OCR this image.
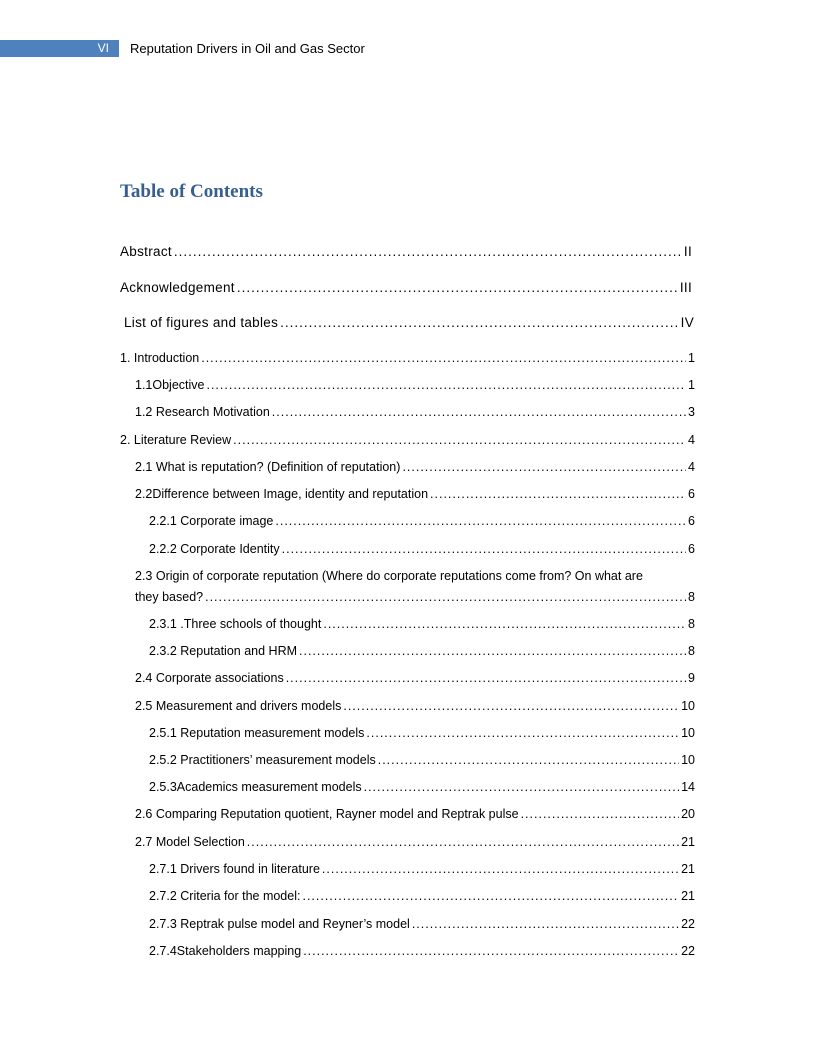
VI	Reputation Drivers in Oil and Gas Sector
Table of Contents
Abstract .....	II
Acknowledgement .....	III
List of figures and tables .....	IV
1. Introduction .....	1
1.1Objective .....	1
1.2 Research Motivation .....	3
2. Literature Review .....	4
2.1 What is reputation? (Definition of reputation) .....	4
2.2Difference between Image, identity and reputation .....	6
2.2.1 Corporate image .....	6
2.2.2 Corporate Identity .....	6
2.3 Origin of corporate reputation (Where do corporate reputations come from? On what are
they based? .....	8
2.3.1 .Three schools of thought .....	8
2.3.2 Reputation and HRM .....	8
2.4 Corporate associations .....	9
2.5 Measurement and drivers models .....	10
2.5.1 Reputation measurement models .....	10
2.5.2 Practitioners’ measurement models .....	10
2.5.3Academics measurement models .....	14
2.6 Comparing Reputation quotient, Rayner model and Reptrak pulse .....	20
2.7 Model Selection .....	21
2.7.1 Drivers found in literature .....	21
2.7.2 Criteria for the model: .....	21
2.7.3 Reptrak pulse model and Reyner’s model .....	22
2.7.4Stakeholders mapping .....	22
